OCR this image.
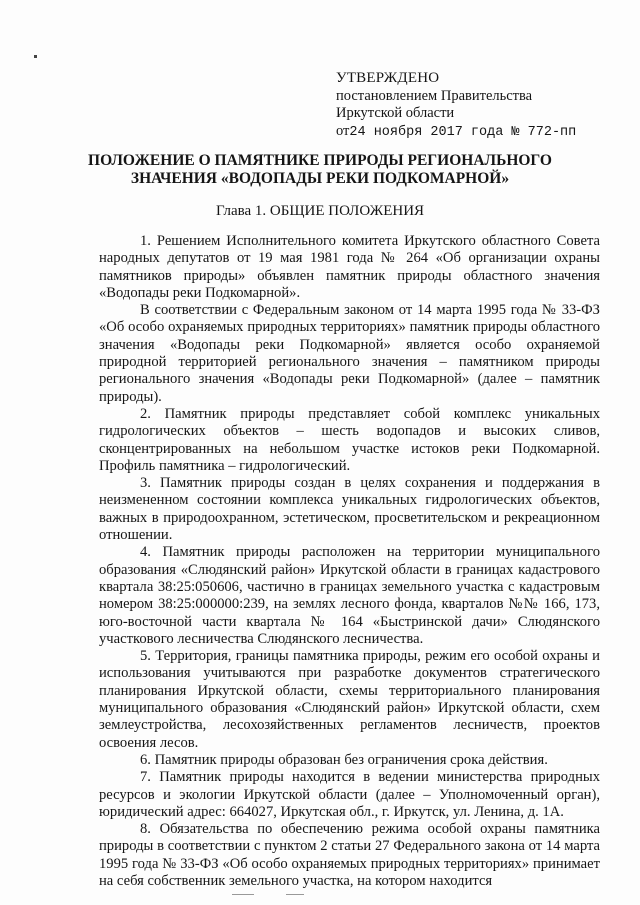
УТВЕРЖДЕНО
постановлением Правительства
Иркутской области
от24 ноября 2017 года № 772-пп
ПОЛОЖЕНИЕ О ПАМЯТНИКЕ ПРИРОДЫ РЕГИОНАЛЬНОГО
ЗНАЧЕНИЯ «ВОДОПАДЫ РЕКИ ПОДКОМАРНОЙ»
Глава 1. ОБЩИЕ ПОЛОЖЕНИЯ

1. Решением Исполнительного комитета Иркутского областного Совета народных депутатов от 19 мая 1981 года № 264 «Об организации охраны памятников природы» объявлен памятник природы областного значения «Водопады реки Подкомарной».

В соответствии с Федеральным законом от 14 марта 1995 года № 33-ФЗ «Об особо охраняемых природных территориях» памятник природы областного значения «Водопады реки Подкомарной» является особо охраняемой природной территорией регионального значения – памятником природы регионального значения «Водопады реки Подкомарной» (далее – памятник природы).

2. Памятник природы представляет собой комплекс уникальных гидрологических объектов – шесть водопадов и высоких сливов, сконцентрированных на небольшом участке истоков реки Подкомарной. Профиль памятника – гидрологический.

3. Памятник природы создан в целях сохранения и поддержания в неизмененном состоянии комплекса уникальных гидрологических объектов, важных в природоохранном, эстетическом, просветительском и рекреационном отношении.

4. Памятник природы расположен на территории муниципального образования «Слюдянский район» Иркутской области в границах кадастрового квартала 38:25:050606, частично в границах земельного участка с кадастровым номером 38:25:000000:239, на землях лесного фонда, кварталов №№ 166, 173, юго-восточной части квартала № 164 «Быстринской дачи» Слюдянского участкового лесничества Слюдянского лесничества.

5. Территория, границы памятника природы, режим его особой охраны и использования учитываются при разработке документов стратегического планирования Иркутской области, схемы территориального планирования муниципального образования «Слюдянский район» Иркутской области, схем землеустройства, лесохозяйственных регламентов лесничеств, проектов освоения лесов.

6. Памятник природы образован без ограничения срока действия.

7. Памятник природы находится в ведении министерства природных ресурсов и экологии Иркутской области (далее – Уполномоченный орган), юридический адрес: 664027, Иркутская обл., г. Иркутск, ул. Ленина, д. 1А.

8. Обязательства по обеспечению режима особой охраны памятника природы в соответствии с пунктом 2 статьи 27 Федерального закона от 14 марта 1995 года № 33-ФЗ «Об особо охраняемых природных территориях» принимает на себя собственник земельного участка, на котором находится
